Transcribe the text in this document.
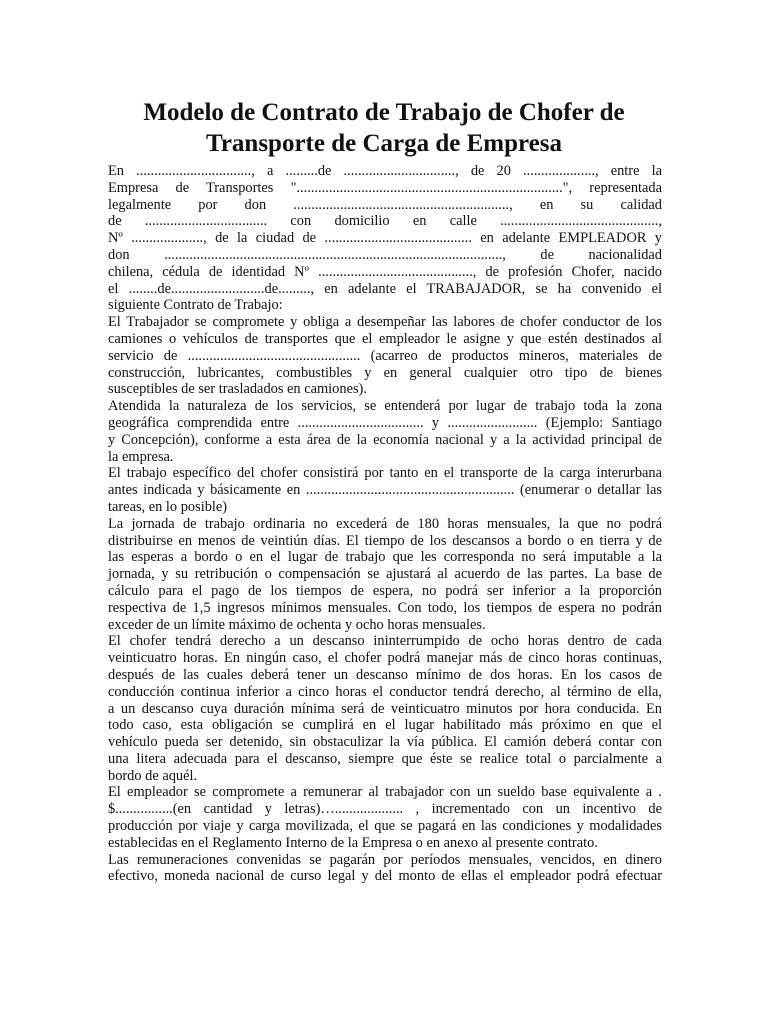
Modelo de Contrato de Trabajo de Chofer de
Transporte de Carga de Empresa

En ................................, a .........de ..............................., de 20 ...................., entre la
Empresa de Transportes "..........................................................................", representada
legalmente por don ............................................................, en su calidad
de .................................. con domicilio en calle ............................................,
Nº ...................., de la ciudad de ......................................... en adelante EMPLEADOR y
don .............................................................................................., de nacionalidad
chilena, cédula de identidad Nº ..........................................., de profesión Chofer, nacido
el ........de..........................de........., en adelante el TRABAJADOR, se ha convenido el
siguiente Contrato de Trabajo:

El Trabajador se compromete y obliga a desempeñar las labores de chofer conductor de los
camiones o vehículos de transportes que el empleador le asigne y que estén destinados al
servicio de ................................................ (acarreo de productos mineros, materiales de
construcción, lubricantes, combustibles y en general cualquier otro tipo de bienes
susceptibles de ser trasladados en camiones).

Atendida la naturaleza de los servicios, se entenderá por lugar de trabajo toda la zona
geográfica comprendida entre ................................... y ......................... (Ejemplo: Santiago
y Concepción), conforme a esta área de la economía nacional y a la actividad principal de
la empresa.

El trabajo específico del chofer consistirá por tanto en el transporte de la carga interurbana
antes indicada y básicamente en .......................................................... (enumerar o detallar las
tareas, en lo posible)

La jornada de trabajo ordinaria no excederá de 180 horas mensuales, la que no podrá
distribuirse en menos de veintiún días. El tiempo de los descansos a bordo o en tierra y de
las esperas a bordo o en el lugar de trabajo que les corresponda no será imputable a la
jornada, y su retribución o compensación se ajustará al acuerdo de las partes. La base de
cálculo para el pago de los tiempos de espera, no podrá ser inferior a la proporción
respectiva de 1,5 ingresos mínimos mensuales. Con todo, los tiempos de espera no podrán
exceder de un límite máximo de ochenta y ocho horas mensuales.

El chofer tendrá derecho a un descanso ininterrumpido de ocho horas dentro de cada
veinticuatro horas. En ningún caso, el chofer podrá manejar más de cinco horas continuas,
después de las cuales deberá tener un descanso mínimo de dos horas. En los casos de
conducción continua inferior a cinco horas el conductor tendrá derecho, al término de ella,
a un descanso cuya duración mínima será de veinticuatro minutos por hora conducida. En
todo caso, esta obligación se cumplirá en el lugar habilitado más próximo en que el
vehículo pueda ser detenido, sin obstaculizar la vía pública. El camión deberá contar con
una litera adecuada para el descanso, siempre que éste se realice total o parcialmente a
bordo de aquél.

El empleador se compromete a remunerar al trabajador con un sueldo base equivalente a .
$................(en cantidad y letras)…................... , incrementado con un incentivo de
producción por viaje y carga movilizada, el que se pagará en las condiciones y modalidades
establecidas en el Reglamento Interno de la Empresa o en anexo al presente contrato.

Las remuneraciones convenidas se pagarán por períodos mensuales, vencidos, en dinero
efectivo, moneda nacional de curso legal y del monto de ellas el empleador podrá efectuar
